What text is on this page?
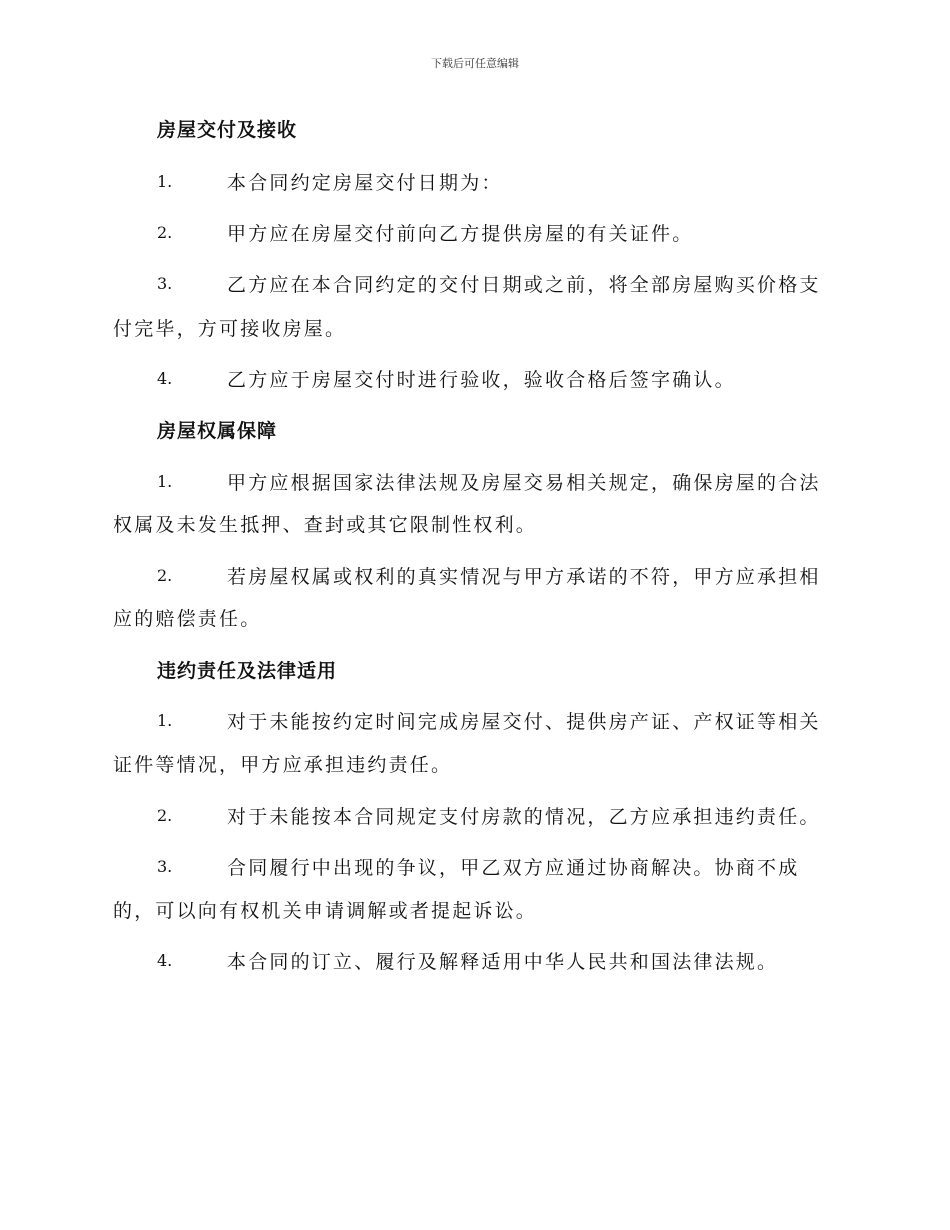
下载后可任意编辑
房屋交付及接收
1.	本合同约定房屋交付日期为：
2.	甲方应在房屋交付前向乙方提供房屋的有关证件。
3.	乙方应在本合同约定的交付日期或之前，将全部房屋购买价格支
付完毕，方可接收房屋。
4.	乙方应于房屋交付时进行验收，验收合格后签字确认。
房屋权属保障
1.	甲方应根据国家法律法规及房屋交易相关规定，确保房屋的合法
权属及未发生抵押、查封或其它限制性权利。
2.	若房屋权属或权利的真实情况与甲方承诺的不符，甲方应承担相
应的赔偿责任。
违约责任及法律适用
1.	对于未能按约定时间完成房屋交付、提供房产证、产权证等相关
证件等情况，甲方应承担违约责任。
2.	对于未能按本合同规定支付房款的情况，乙方应承担违约责任。
3.	合同履行中出现的争议，甲乙双方应通过协商解决。协商不成
的，可以向有权机关申请调解或者提起诉讼。
4.	本合同的订立、履行及解释适用中华人民共和国法律法规。
